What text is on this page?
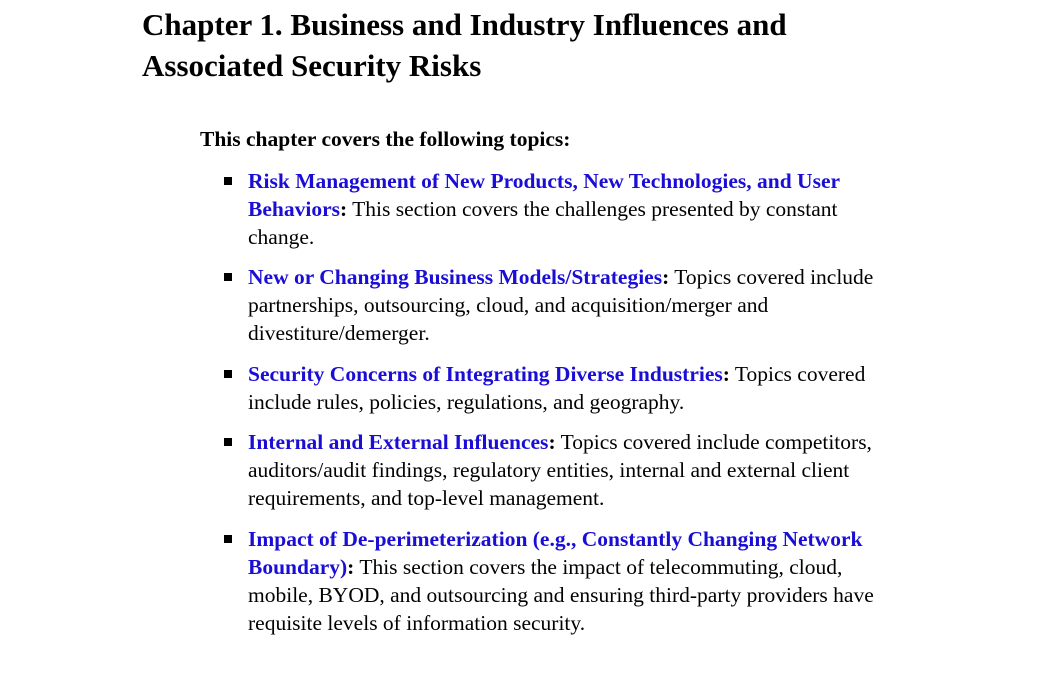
Chapter 1. Business and Industry Influences and Associated Security Risks

This chapter covers the following topics:

Risk Management of New Products, New Technologies, and User Behaviors: This section covers the challenges presented by constant change.
New or Changing Business Models/Strategies: Topics covered include partnerships, outsourcing, cloud, and acquisition/merger and divestiture/demerger.
Security Concerns of Integrating Diverse Industries: Topics covered include rules, policies, regulations, and geography.
Internal and External Influences: Topics covered include competitors, auditors/audit findings, regulatory entities, internal and external client requirements, and top-level management.
Impact of De-perimeterization (e.g., Constantly Changing Network Boundary): This section covers the impact of telecommuting, cloud, mobile, BYOD, and outsourcing and ensuring third-party providers have requisite levels of information security.
